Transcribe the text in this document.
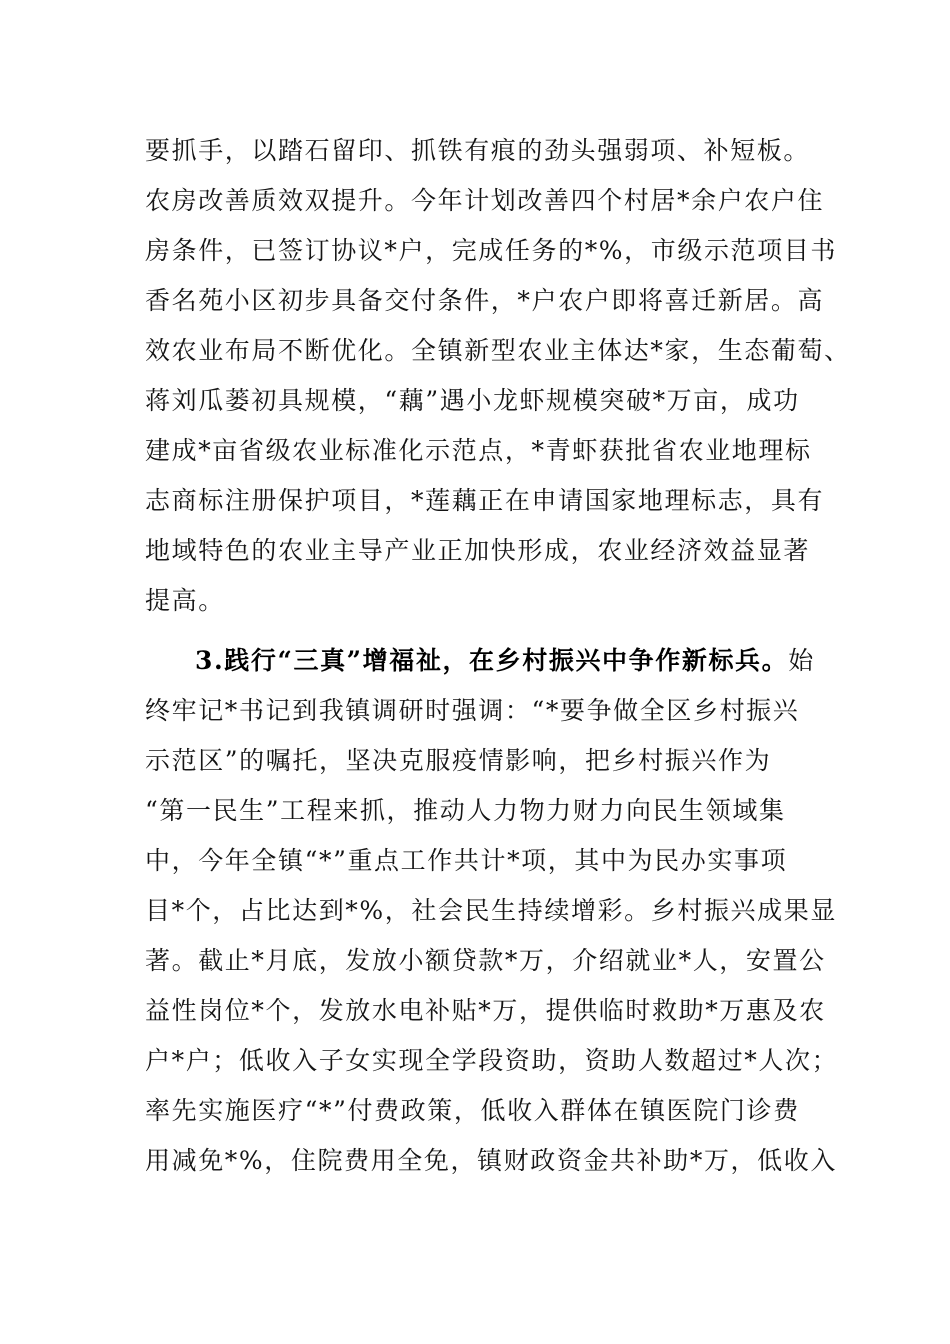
要抓手，以踏石留印、抓铁有痕的劲头强弱项、补短板。
农房改善质效双提升。今年计划改善四个村居*余户农户住
房条件，已签订协议*户，完成任务的*%，市级示范项目书
香名苑小区初步具备交付条件，*户农户即将喜迁新居。高
效农业布局不断优化。全镇新型农业主体达*家，生态葡萄、
蒋刘瓜蒌初具规模，“藕”遇小龙虾规模突破*万亩，成功
建成*亩省级农业标准化示范点，*青虾获批省农业地理标
志商标注册保护项目，*莲藕正在申请国家地理标志，具有
地域特色的农业主导产业正加快形成，农业经济效益显著
提高。
3.践行“三真”增福祉，在乡村振兴中争作新标兵。始
终牢记*书记到我镇调研时强调：“*要争做全区乡村振兴
示范区”的嘱托，坚决克服疫情影响，把乡村振兴作为
“第一民生”工程来抓，推动人力物力财力向民生领域集
中，今年全镇“*”重点工作共计*项，其中为民办实事项
目*个，占比达到*%，社会民生持续增彩。乡村振兴成果显
著。截止*月底，发放小额贷款*万，介绍就业*人，安置公
益性岗位*个，发放水电补贴*万，提供临时救助*万惠及农
户*户；低收入子女实现全学段资助，资助人数超过*人次；
率先实施医疗“*”付费政策，低收入群体在镇医院门诊费
用减免*%，住院费用全免，镇财政资金共补助*万，低收入
